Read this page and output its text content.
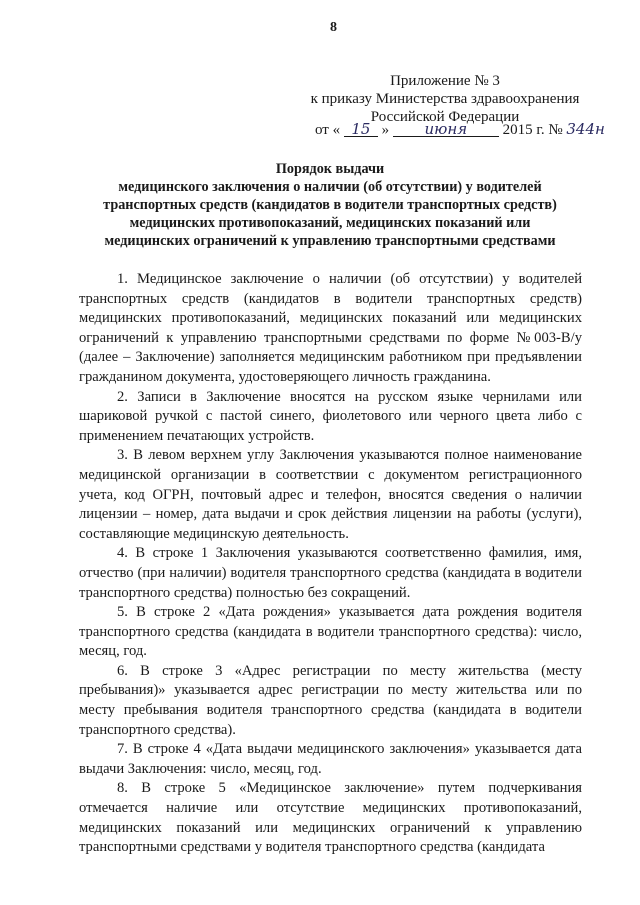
8
Приложение № 3
к приказу Министерства здравоохранения
Российской Федерации
от « 15 » июня 2015 г. № 344н
Порядок выдачи
медицинского заключения о наличии (об отсутствии) у водителей
транспортных средств (кандидатов в водители транспортных средств)
медицинских противопоказаний, медицинских показаний или
медицинских ограничений к управлению транспортными средствами

1. Медицинское заключение о наличии (об отсутствии) у водителей транспортных средств (кандидатов в водители транспортных средств) медицинских противопоказаний, медицинских показаний или медицинских ограничений к управлению транспортными средствами по форме №003-В/у (далее – Заключение) заполняется медицинским работником при предъявлении гражданином документа, удостоверяющего личность гражданина.

2. Записи в Заключение вносятся на русском языке чернилами или шариковой ручкой с пастой синего, фиолетового или черного цвета либо с применением печатающих устройств.

3. В левом верхнем углу Заключения указываются полное наименование медицинской организации в соответствии с документом регистрационного учета, код ОГРН, почтовый адрес и телефон, вносятся сведения о наличии лицензии – номер, дата выдачи и срок действия лицензии на работы (услуги), составляющие медицинскую деятельность.

4. В строке 1 Заключения указываются соответственно фамилия, имя, отчество (при наличии) водителя транспортного средства (кандидата в водители транспортного средства) полностью без сокращений.

5. В строке 2 «Дата рождения» указывается дата рождения водителя транспортного средства (кандидата в водители транспортного средства): число, месяц, год.

6. В строке 3 «Адрес регистрации по месту жительства (месту пребывания)» указывается адрес регистрации по месту жительства или по месту пребывания водителя транспортного средства (кандидата в водители транспортного средства).

7. В строке 4 «Дата выдачи медицинского заключения» указывается дата выдачи Заключения: число, месяц, год.

8. В строке 5 «Медицинское заключение» путем подчеркивания отмечается наличие или отсутствие медицинских противопоказаний, медицинских показаний или медицинских ограничений к управлению транспортными средствами у водителя транспортного средства (кандидата
